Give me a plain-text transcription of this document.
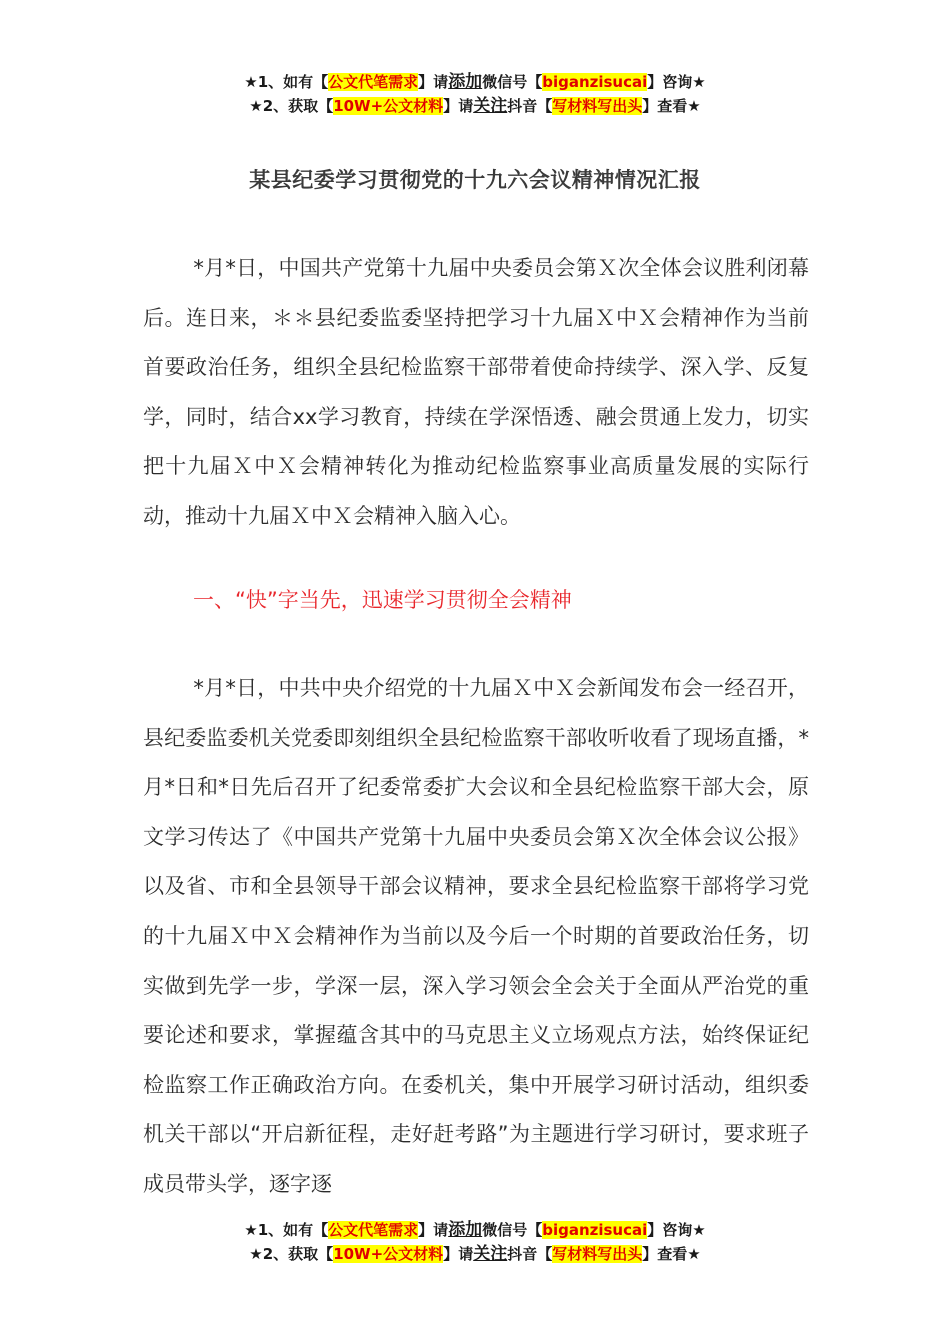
★1、如有【公文代笔需求】请添加微信号【biganzisucai】咨询★
★2、获取【10W+公文材料】请关注抖音【写材料写出头】查看★
某县纪委学习贯彻党的十九六会议精神情况汇报

*月*日，中国共产党第十九届中央委员会第Ｘ次全体会议胜利闭幕后。连日来，＊＊县纪委监委坚持把学习十九届Ｘ中Ｘ会精神作为当前首要政治任务，组织全县纪检监察干部带着使命持续学、深入学、反复学，同时，结合xx学习教育，持续在学深悟透、融会贯通上发力，切实把十九届Ｘ中Ｘ会精神转化为推动纪检监察事业高质量发展的实际行动，推动十九届Ｘ中Ｘ会精神入脑入心。

一、“快”字当先，迅速学习贯彻全会精神

*月*日，中共中央介绍党的十九届Ｘ中Ｘ会新闻发布会一经召开，县纪委监委机关党委即刻组织全县纪检监察干部收听收看了现场直播，*月*日和*日先后召开了纪委常委扩大会议和全县纪检监察干部大会，原文学习传达了《中国共产党第十九届中央委员会第Ｘ次全体会议公报》以及省、市和全县领导干部会议精神，要求全县纪检监察干部将学习党的十九届Ｘ中Ｘ会精神作为当前以及今后一个时期的首要政治任务，切实做到先学一步，学深一层，深入学习领会全会关于全面从严治党的重要论述和要求，掌握蕴含其中的马克思主义立场观点方法，始终保证纪检监察工作正确政治方向。在委机关，集中开展学习研讨活动，组织委机关干部以“开启新征程，走好赶考路”为主题进行学习研讨，要求班子成员带头学，逐字逐

★1、如有【公文代笔需求】请添加微信号【biganzisucai】咨询★
★2、获取【10W+公文材料】请关注抖音【写材料写出头】查看★
